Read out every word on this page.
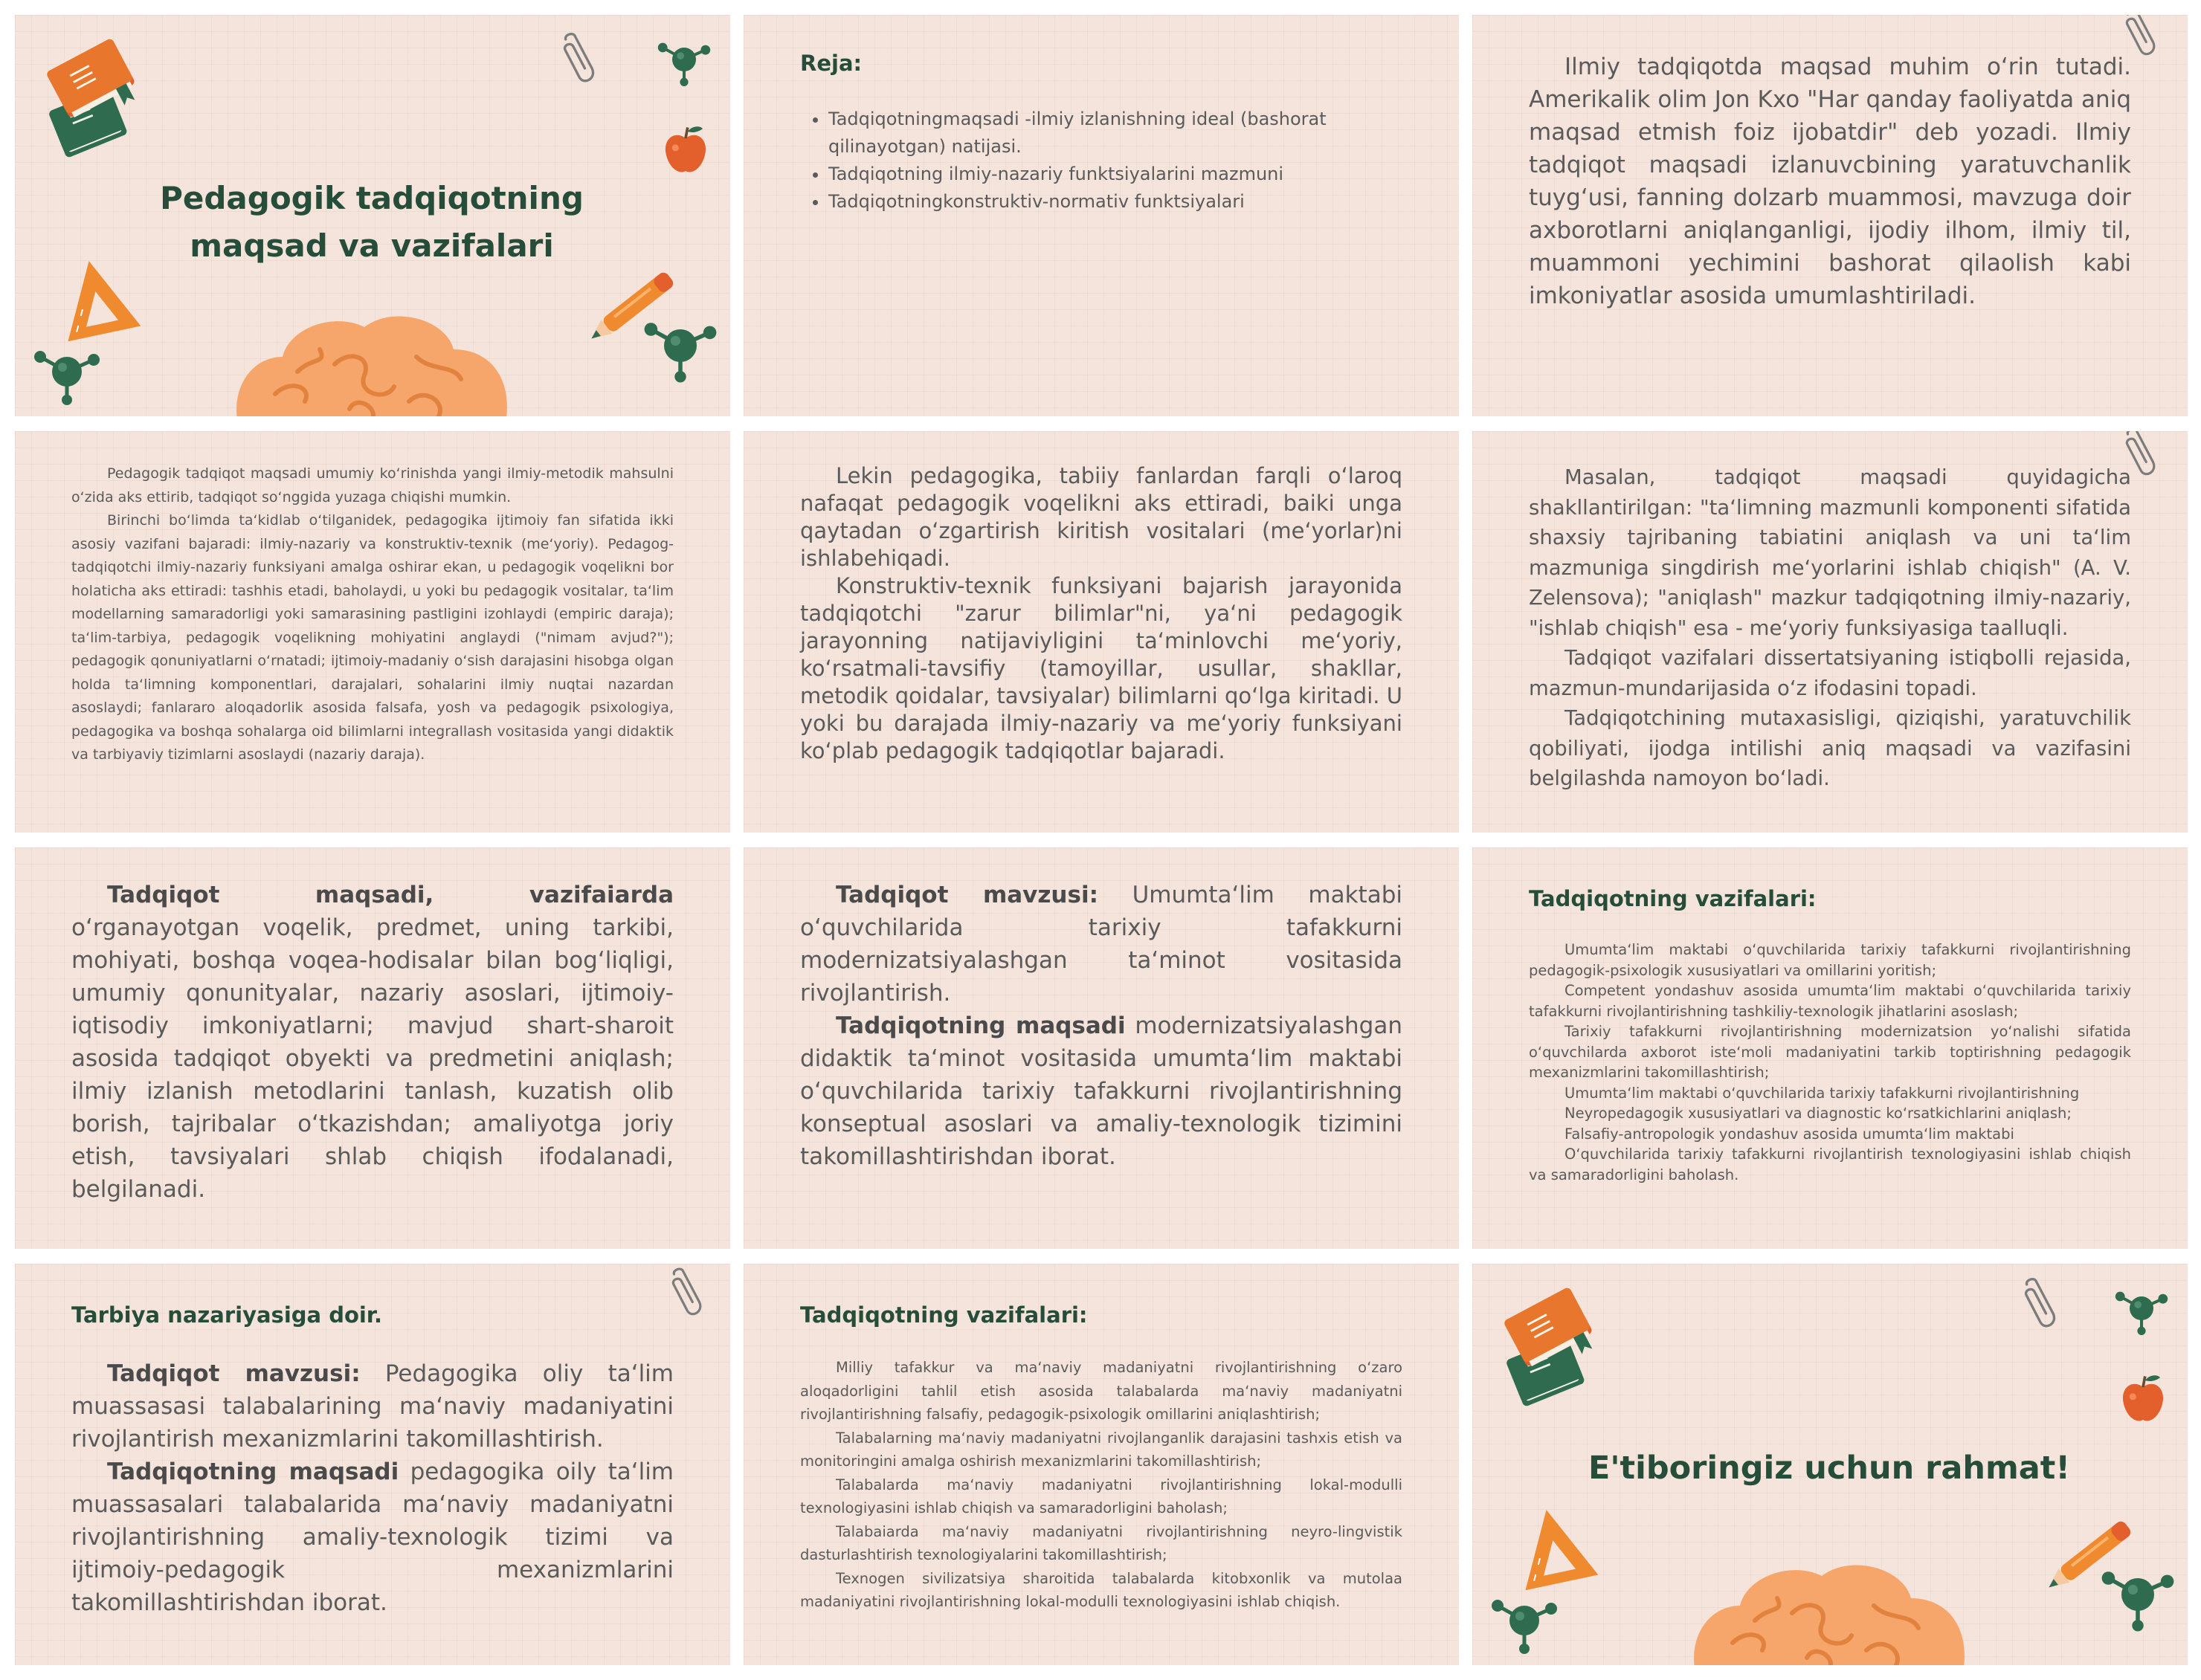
Pedagogik tadqiqotning maqsad va vazifalari
Reja:
• Tadqiqotningmaqsadi -ilmiy izlanishning ideal (bashorat qilinayotgan) natijasi.
• Tadqiqotning ilmiy-nazariy funktsiyalarini mazmuni
• Tadqiqotningkonstruktiv-normativ funktsiyalari

Ilmiy tadqiqotda maqsad muhim oʻrin tutadi. Amerikalik olim Jon Kxo "Har qanday faoliyatda aniq maqsad etmish foiz ijobatdir" deb yozadi. Ilmiy tadqiqot maqsadi izlanuvcbining yaratuvchanlik tuygʻusi, fanning dolzarb muammosi, mavzuga doir axborotlarni aniqlanganligi, ijodiy ilhom, ilmiy til, muammoni yechimini bashorat qilaolish kabi imkoniyatlar asosida umumlashtiriladi.

Pedagogik tadqiqot maqsadi umumiy koʻrinishda yangi ilmiy-metodik mahsulni oʻzida aks ettirib, tadqiqot soʻnggida yuzaga chiqishi mumkin.

Birinchi boʻlimda taʻkidlab oʻtilganidek, pedagogika ijtimoiy fan sifatida ikki asosiy vazifani bajaradi: ilmiy-nazariy va konstruktiv-texnik (meʻyoriy). Pedagog-tadqiqotchi ilmiy-nazariy funksiyani amalga oshirar ekan, u pedagogik voqelikni bor holaticha aks ettiradi: tashhis etadi, baholaydi, u yoki bu pedagogik vositalar, taʻlim modellarning samaradorligi yoki samarasining pastligini izohlaydi (empiric daraja); taʻlim-tarbiya, pedagogik voqelikning mohiyatini anglaydi ("nimam avjud?"); pedagogik qonuniyatlarni oʻrnatadi; ijtimoiy-madaniy oʻsish darajasini hisobga olgan holda taʻlimning komponentlari, darajalari, sohalarini ilmiy nuqtai nazardan asoslaydi; fanlararo aloqadorlik asosida falsafa, yosh va pedagogik psixologiya, pedagogika va boshqa sohalarga oid bilimlarni integrallash vositasida yangi didaktik va tarbiyaviy tizimlarni asoslaydi (nazariy daraja).

Lekin pedagogika, tabiiy fanlardan farqli oʻlaroq nafaqat pedagogik voqelikni aks ettiradi, baiki unga qaytadan oʻzgartirish kiritish vositalari (meʻyorlar)ni ishlabehiqadi.

Konstruktiv-texnik funksiyani bajarish jarayonida tadqiqotchi "zarur bilimlar"ni, yaʻni pedagogik jarayonning natijaviyligini taʻminlovchi meʻyoriy, koʻrsatmali-tavsifiy (tamoyillar, usullar, shakllar, metodik qoidalar, tavsiyalar) bilimlarni qoʻlga kiritadi. U yoki bu darajada ilmiy-nazariy va meʻyoriy funksiyani koʻplab pedagogik tadqiqotlar bajaradi.

Masalan, tadqiqot maqsadi quyidagicha shakllantirilgan: "taʻlimning mazmunli komponenti sifatida shaxsiy tajribaning tabiatini aniqlash va uni taʻlim mazmuniga singdirish meʻyorlarini ishlab chiqish" (A. V. Zelensova); "aniqlash" mazkur tadqiqotning ilmiy-nazariy, "ishlab chiqish" esa - meʻyoriy funksiyasiga taalluqli.

Tadqiqot vazifalari dissertatsiyaning istiqbolli rejasida, mazmun-mundarijasida oʻz ifodasini topadi.

Tadqiqotchining mutaxasisligi, qiziqishi, yaratuvchilik qobiliyati, ijodga intilishi aniq maqsadi va vazifasini belgilashda namoyon boʻladi.

Tadqiqot maqsadi, vazifaiarda oʻrganayotgan voqelik, predmet, uning tarkibi, mohiyati, boshqa voqea-hodisalar bilan bogʻliqligi, umumiy qonunityalar, nazariy asoslari, ijtimoiy-iqtisodiy imkoniyatlarni; mavjud shart-sharoit asosida tadqiqot obyekti va predmetini aniqlash; ilmiy izlanish metodlarini tanlash, kuzatish olib borish, tajribalar oʻtkazishdan; amaliyotga joriy etish, tavsiyalari shlab chiqish ifodalanadi, belgilanadi.

Tadqiqot mavzusi: Umumtaʻlim maktabi oʻquvchilarida tarixiy tafakkurni modernizatsiyalashgan taʻminot vositasida rivojlantirish.

Tadqiqotning maqsadi modernizatsiyalashgan didaktik taʻminot vositasida umumtaʻlim maktabi oʻquvchilarida tarixiy tafakkurni rivojlantirishning konseptual asoslari va amaliy-texnologik tizimini takomillashtirishdan iborat.

Tadqiqotning vazifalari:

Umumtaʻlim maktabi oʻquvchilarida tarixiy tafakkurni rivojlantirishning pedagogik-psixologik xususiyatlari va omillarini yoritish;

Competent yondashuv asosida umumtaʻlim maktabi oʻquvchilarida tarixiy tafakkurni rivojlantirishning tashkiliy-texnologik jihatlarini asoslash;

Tarixiy tafakkurni rivojlantirishning modernizatsion yoʻnalishi sifatida oʻquvchilarda axborot isteʻmoli madaniyatini tarkib toptirishning pedagogik mexanizmlarini takomillashtirish;

Umumtaʻlim maktabi oʻquvchilarida tarixiy tafakkurni rivojlantirishning

Neyropedagogik xususiyatlari va diagnostic koʻrsatkichlarini aniqlash;

Falsafiy-antropologik yondashuv asosida umumtaʻlim maktabi

Oʻquvchilarida tarixiy tafakkurni rivojlantirish texnologiyasini ishlab chiqish va samaradorligini baholash.

Tarbiya nazariyasiga doir.

Tadqiqot mavzusi: Pedagogika oliy taʻlim muassasasi talabalarining maʻnaviy madaniyatini rivojlantirish mexanizmlarini takomillashtirish.

Tadqiqotning maqsadi pedagogika oily taʻlim muassasalari talabalarida maʻnaviy madaniyatni rivojlantirishning amaliy-texnologik tizimi va ijtimoiy-pedagogik mexanizmlarini takomillashtirishdan iborat.

Tadqiqotning vazifalari:

Milliy tafakkur va maʻnaviy madaniyatni rivojlantirishning oʻzaro aloqadorligini tahlil etish asosida talabalarda maʻnaviy madaniyatni rivojlantirishning falsafiy, pedagogik-psixologik omillarini aniqlashtirish;

Talabalarning maʻnaviy madaniyatni rivojlanganlik darajasini tashxis etish va monitoringini amalga oshirish mexanizmlarini takomillashtirish;

Talabalarda maʻnaviy madaniyatni rivojlantirishning lokal-modulli texnologiyasini ishlab chiqish va samaradorligini baholash;

Talabaiarda maʻnaviy madaniyatni rivojlantirishning neyro-lingvistik dasturlashtirish texnologiyalarini takomillashtirish;

Texnogen sivilizatsiya sharoitida talabalarda kitobxonlik va mutolaa madaniyatini rivojlantirishning lokal-modulli texnologiyasini ishlab chiqish.

E'tiboringiz uchun rahmat!
